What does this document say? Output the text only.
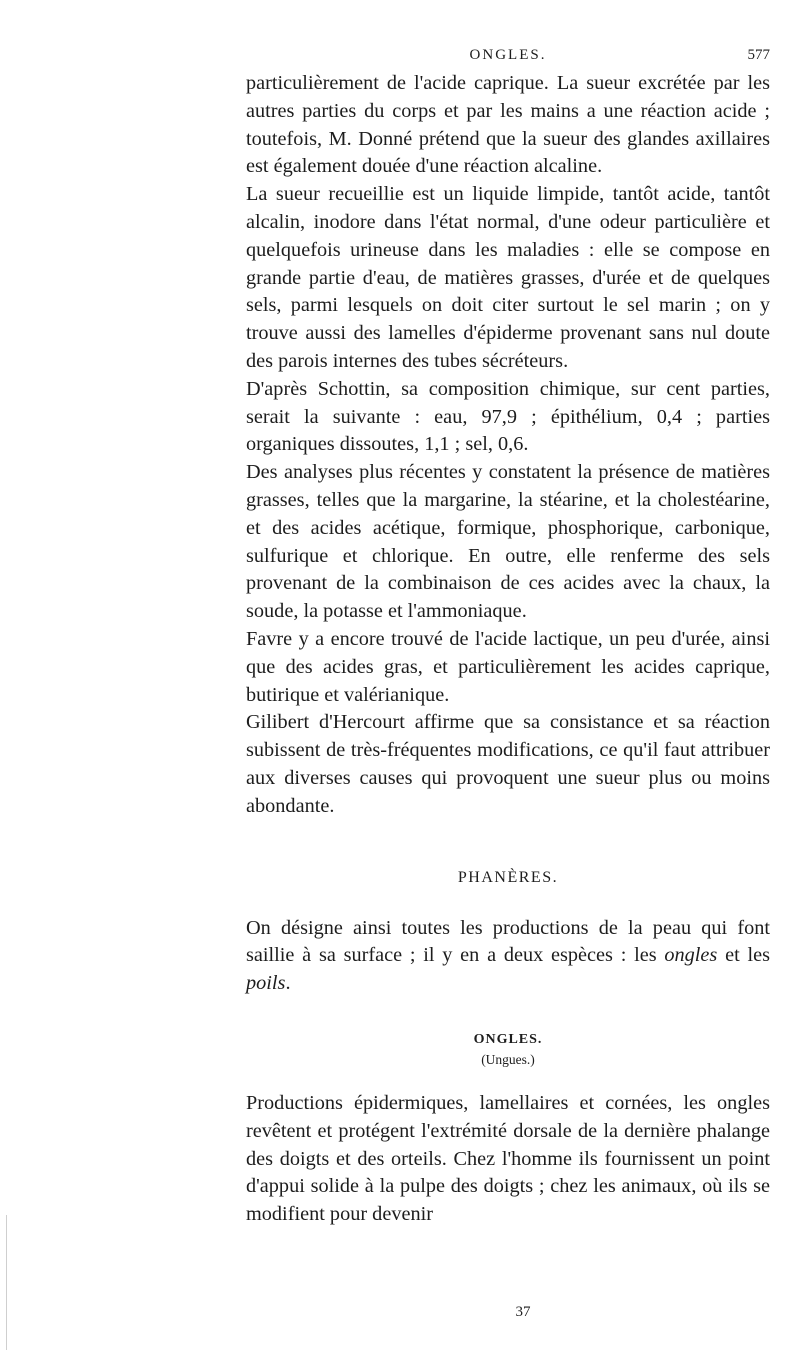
ONGLES.	577

particulièrement de l'acide caprique. La sueur excrétée par les autres parties du corps et par les mains a une réaction acide ; toutefois, M. Donné prétend que la sueur des glandes axillaires est également douée d'une réaction alcaline.

La sueur recueillie est un liquide limpide, tantôt acide, tantôt alcalin, inodore dans l'état normal, d'une odeur particulière et quelquefois urineuse dans les maladies : elle se compose en grande partie d'eau, de matières grasses, d'urée et de quelques sels, parmi lesquels on doit citer surtout le sel marin ; on y trouve aussi des lamelles d'épiderme provenant sans nul doute des parois internes des tubes sécréteurs.

D'après Schottin, sa composition chimique, sur cent parties, serait la suivante : eau, 97,9 ; épithélium, 0,4 ; parties organiques dissoutes, 1,1 ; sel, 0,6.

Des analyses plus récentes y constatent la présence de matières grasses, telles que la margarine, la stéarine, et la cholestéarine, et des acides acétique, formique, phosphorique, carbonique, sulfurique et chlorique. En outre, elle renferme des sels provenant de la combinaison de ces acides avec la chaux, la soude, la potasse et l'ammoniaque.

Favre y a encore trouvé de l'acide lactique, un peu d'urée, ainsi que des acides gras, et particulièrement les acides caprique, butirique et valérianique.

Gilibert d'Hercourt affirme que sa consistance et sa réaction subissent de très-fréquentes modifications, ce qu'il faut attribuer aux diverses causes qui provoquent une sueur plus ou moins abondante.

PHANÈRES.

On désigne ainsi toutes les productions de la peau qui font saillie à sa surface ; il y en a deux espèces : les ongles et les poils.

ONGLES.
(Ungues.)

Productions épidermiques, lamellaires et cornées, les ongles revêtent et protégent l'extrémité dorsale de la dernière phalange des doigts et des orteils. Chez l'homme ils fournissent un point d'appui solide à la pulpe des doigts ; chez les animaux, où ils se modifient pour devenir

37
